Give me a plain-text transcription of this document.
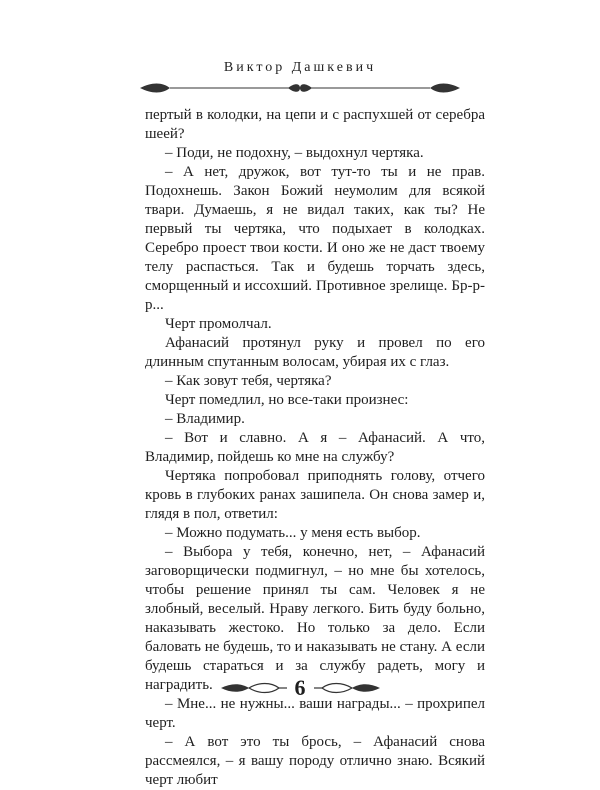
Виктор Дашкевич

пертый в колодки, на цепи и с распухшей от серебра шеей?

– Поди, не подохну, – выдохнул чертяка.

– А нет, дружок, вот тут-то ты и не прав. Подохнешь. Закон Божий неумолим для всякой твари. Думаешь, я не видал таких, как ты? Не первый ты чертяка, что подыхает в колодках. Серебро проест твои кости. И оно же не даст твоему телу распасться. Так и будешь торчать здесь, сморщенный и иссохший. Противное зрелище. Бр-р-р...

Черт промолчал.

Афанасий протянул руку и провел по его длинным спутанным волосам, убирая их с глаз.

– Как зовут тебя, чертяка?

Черт помедлил, но все-таки произнес:

– Владимир.

– Вот и славно. А я – Афанасий. А что, Владимир, пойдешь ко мне на службу?

Чертяка попробовал приподнять голову, отчего кровь в глубоких ранах зашипела. Он снова замер и, глядя в пол, ответил:

– Можно подумать... у меня есть выбор.

– Выбора у тебя, конечно, нет, – Афанасий заговорщически подмигнул, – но мне бы хотелось, чтобы решение принял ты сам. Человек я не злобный, веселый. Нраву легкого. Бить буду больно, наказывать жестоко. Но только за дело. Если баловать не будешь, то и наказывать не стану. А если будешь стараться и за службу радеть, могу и наградить.

– Мне... не нужны... ваши награды... – прохрипел черт.

– А вот это ты брось, – Афанасий снова рассмеялся, – я вашу породу отлично знаю. Всякий черт любит

6
